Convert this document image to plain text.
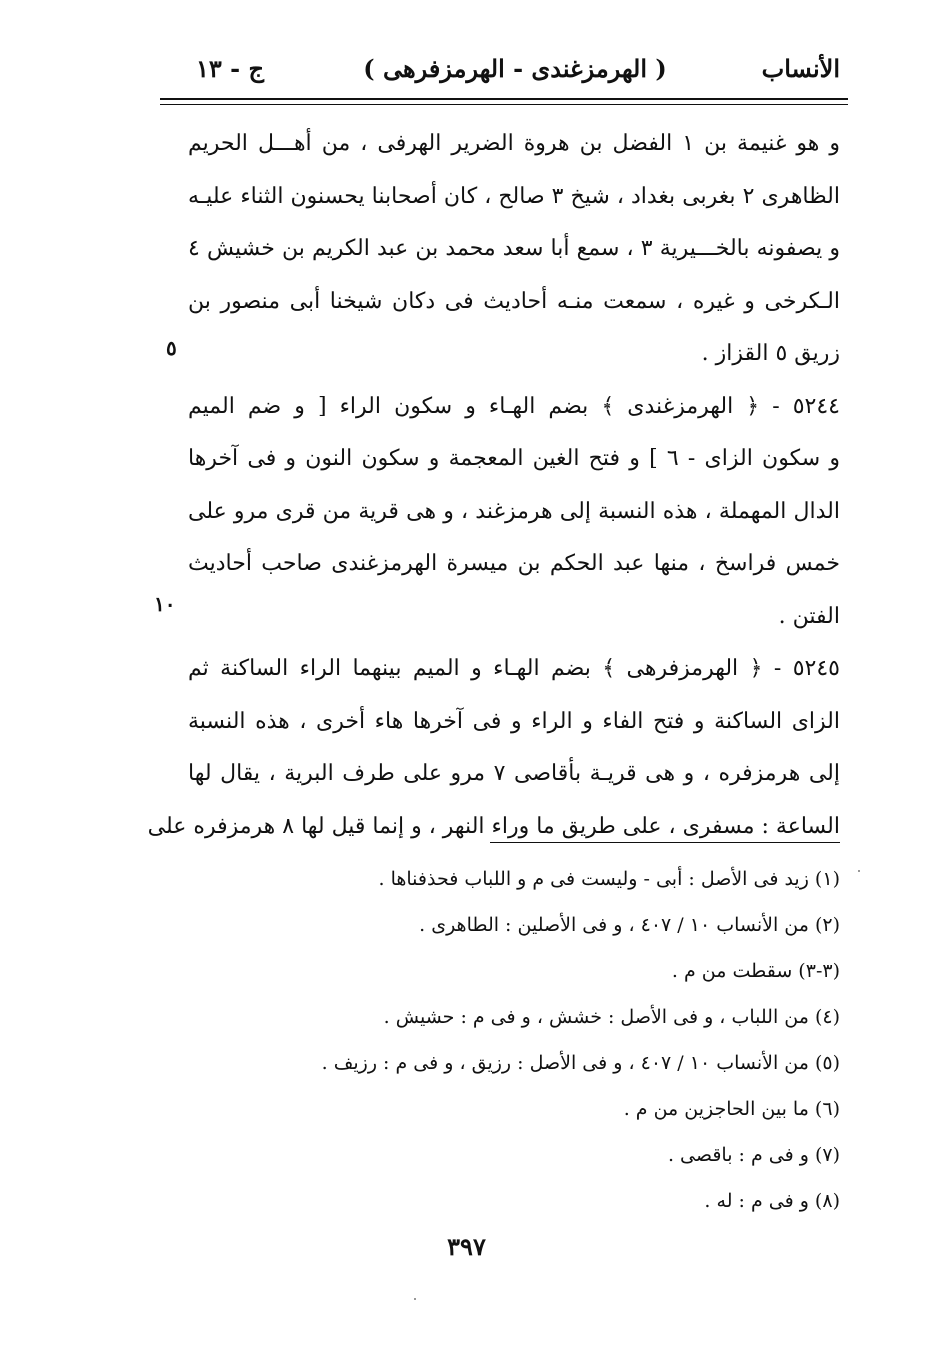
الأنساب
( الهرمزغندى - الهرمزفرهى )
ج - ١٣
و هو غنيمة بن ١ الفضل بن هروة الضرير الهرفى ، من أهـــل الحريم
الظاهرى ٢ بغربى بغداد ، شيخ ٣ صالح ، كان أصحابنا يحسنون الثناء عليـه
و يصفونه بالخـــيرية ٣ ، سمع أبا سعد محمد بن عبد الكريم بن خشيش ٤
الـكرخى و غيره ، سمعت منـه أحاديث فى دكان شيخنا أبى منصور بن
زريق ٥ القزاز .
٥٢٤٤ - ﴿ الهرمزغندى ﴾ بضم الهـاء و سكون الراء [ و ضم الميم
و سكون الزاى - ٦ ] و فتح الغين المعجمة و سكون النون و فى آخرها
الدال المهملة ، هذه النسبة إلى هرمزغند ، و هى قرية من قرى مرو على
خمس فراسخ ، منها عبد الحكم بن ميسرة الهرمزغندى صاحب أحاديث
الفتن .
٥٢٤٥ - ﴿ الهرمزفرهى ﴾ بضم الهـاء و الميم بينهما الراء الساكنة ثم
الزاى الساكنة و فتح الفاء و الراء و فى آخرها هاء أخرى ، هذه النسبة
إلى هرمزفره ، و هى قريـة بأقاصى ٧ مرو على طرف البرية ، يقال لها
الساعة : مسفرى ، على طريق ما وراء النهر ، و إنما قيل لها ٨ هرمزفره على
٥
١٠
(١) زيد فى الأصل : أبى - وليست فى م و اللباب فحذفناها .
(٢) من الأنساب ١٠ / ٤٠٧ ، و فى الأصلين : الطاهرى .
(٣-٣) سقطت من م .
(٤) من اللباب ، و فى الأصل : خشش ، و فى م : حشيش .
(٥) من الأنساب ١٠ / ٤٠٧ ، و فى الأصل : رزيق ، و فى م : رزيف .
(٦) ما بين الحاجزين من م .
(٧) و فى م : باقصى .
(٨) و فى م : له .
٣٩٧
